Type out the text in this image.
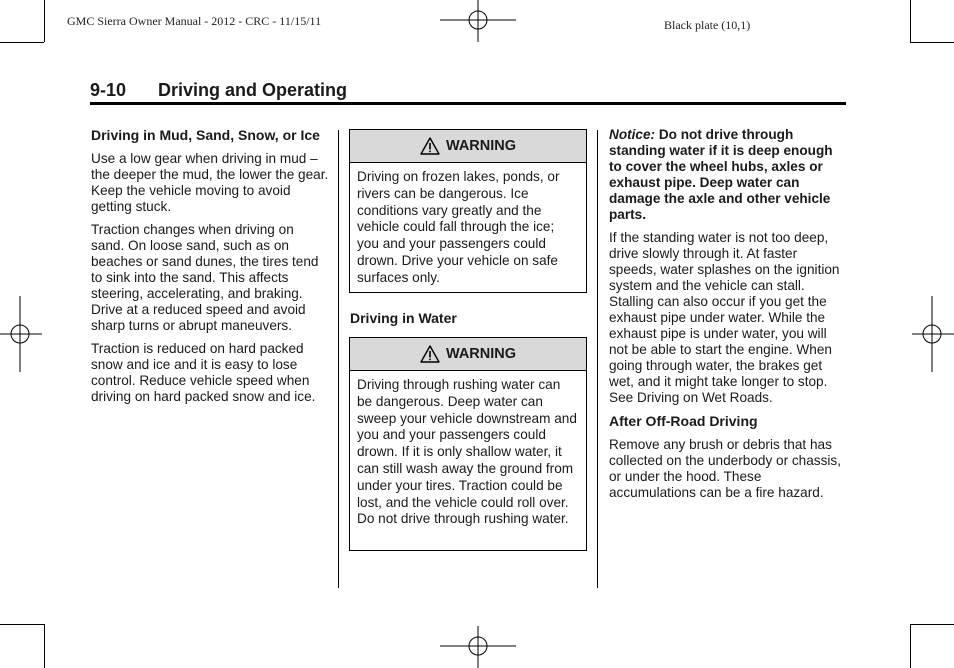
GMC Sierra Owner Manual - 2012 - CRC - 11/15/11	Black plate (10,1)
9-10 Driving and Operating
Driving in Mud, Sand, Snow, or Ice

Use a low gear when driving in mud – the deeper the mud, the lower the gear. Keep the vehicle moving to avoid getting stuck.

Traction changes when driving on sand. On loose sand, such as on beaches or sand dunes, the tires tend to sink into the sand. This affects steering, accelerating, and braking. Drive at a reduced speed and avoid sharp turns or abrupt maneuvers.

Traction is reduced on hard packed snow and ice and it is easy to lose control. Reduce vehicle speed when driving on hard packed snow and ice.

WARNING
Driving on frozen lakes, ponds, or rivers can be dangerous. Ice conditions vary greatly and the vehicle could fall through the ice; you and your passengers could drown. Drive your vehicle on safe surfaces only.
Driving in Water
WARNING
Driving through rushing water can be dangerous. Deep water can sweep your vehicle downstream and you and your passengers could drown. If it is only shallow water, it can still wash away the ground from under your tires. Traction could be lost, and the vehicle could roll over. Do not drive through rushing water.

Notice: Do not drive through standing water if it is deep enough to cover the wheel hubs, axles or exhaust pipe. Deep water can damage the axle and other vehicle parts.

If the standing water is not too deep, drive slowly through it. At faster speeds, water splashes on the ignition system and the vehicle can stall. Stalling can also occur if you get the exhaust pipe under water. While the exhaust pipe is under water, you will not be able to start the engine. When going through water, the brakes get wet, and it might take longer to stop. See Driving on Wet Roads.

After Off-Road Driving

Remove any brush or debris that has collected on the underbody or chassis, or under the hood. These accumulations can be a fire hazard.
